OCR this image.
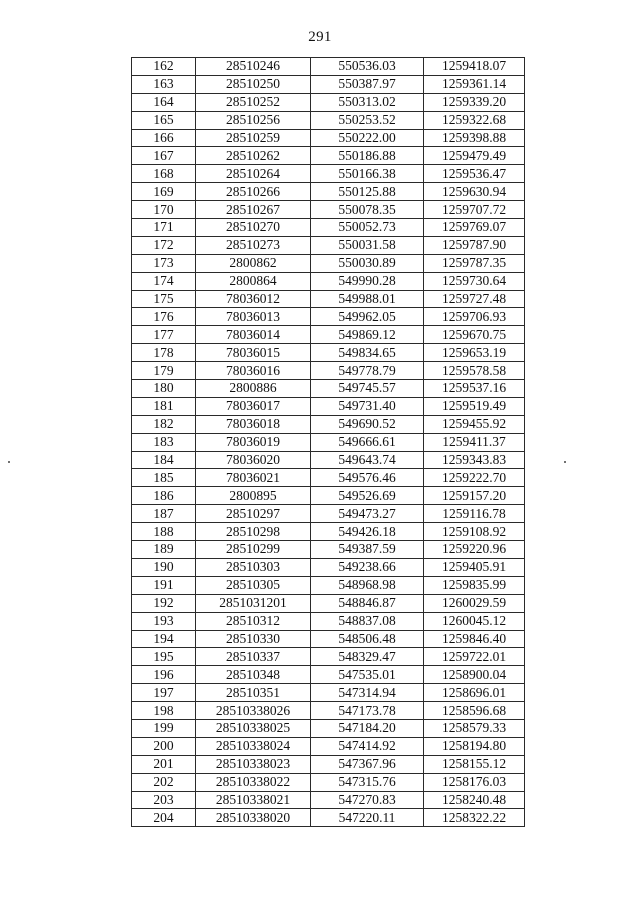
291
162	28510246	550536.03	1259418.07
163	28510250	550387.97	1259361.14
164	28510252	550313.02	1259339.20
165	28510256	550253.52	1259322.68
166	28510259	550222.00	1259398.88
167	28510262	550186.88	1259479.49
168	28510264	550166.38	1259536.47
169	28510266	550125.88	1259630.94
170	28510267	550078.35	1259707.72
171	28510270	550052.73	1259769.07
172	28510273	550031.58	1259787.90
173	2800862	550030.89	1259787.35
174	2800864	549990.28	1259730.64
175	78036012	549988.01	1259727.48
176	78036013	549962.05	1259706.93
177	78036014	549869.12	1259670.75
178	78036015	549834.65	1259653.19
179	78036016	549778.79	1259578.58
180	2800886	549745.57	1259537.16
181	78036017	549731.40	1259519.49
182	78036018	549690.52	1259455.92
183	78036019	549666.61	1259411.37
184	78036020	549643.74	1259343.83
185	78036021	549576.46	1259222.70
186	2800895	549526.69	1259157.20
187	28510297	549473.27	1259116.78
188	28510298	549426.18	1259108.92
189	28510299	549387.59	1259220.96
190	28510303	549238.66	1259405.91
191	28510305	548968.98	1259835.99
192	2851031201	548846.87	1260029.59
193	28510312	548837.08	1260045.12
194	28510330	548506.48	1259846.40
195	28510337	548329.47	1259722.01
196	28510348	547535.01	1258900.04
197	28510351	547314.94	1258696.01
198	28510338026	547173.78	1258596.68
199	28510338025	547184.20	1258579.33
200	28510338024	547414.92	1258194.80
201	28510338023	547367.96	1258155.12
202	28510338022	547315.76	1258176.03
203	28510338021	547270.83	1258240.48
204	28510338020	547220.11	1258322.22
